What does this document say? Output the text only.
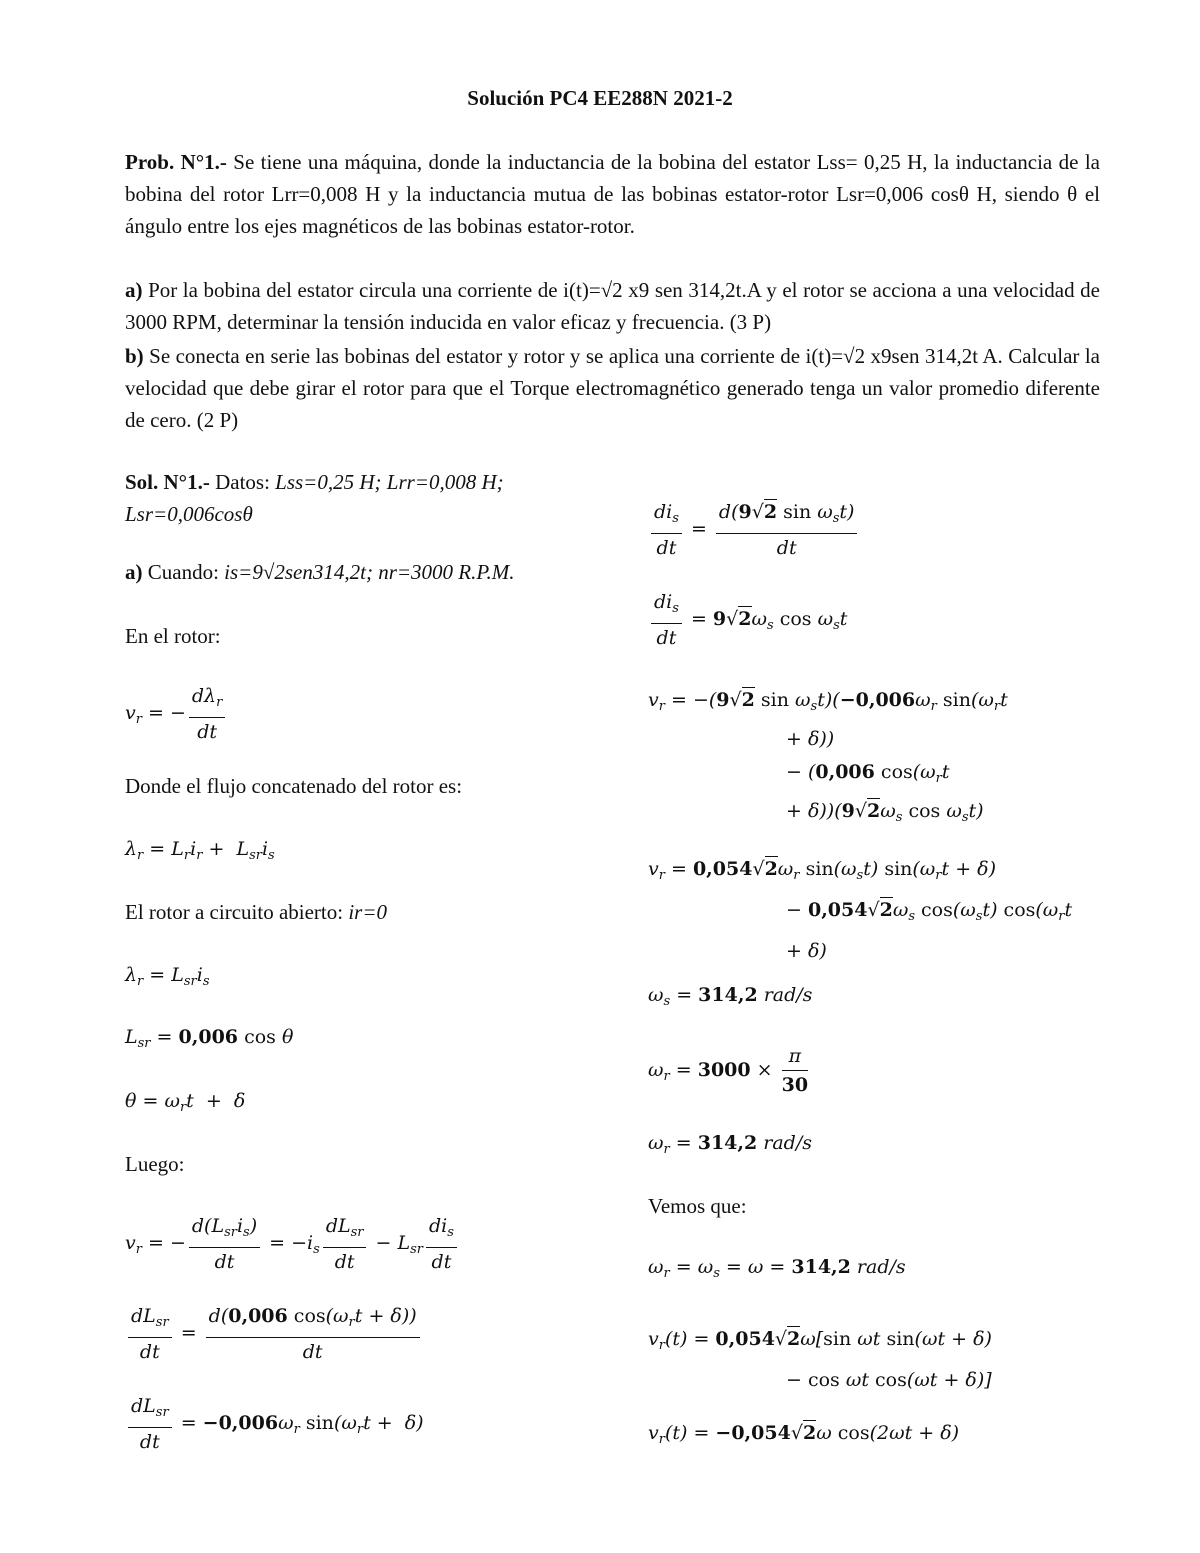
Solución PC4 EE288N 2021-2
Prob. N°1.- Se tiene una máquina, donde la inductancia de la bobina del estator Lss= 0,25 H, la inductancia de la bobina del rotor Lrr=0,008 H y la inductancia mutua de las bobinas estator-rotor Lsr=0,006 cosθ H, siendo θ el ángulo entre los ejes magnéticos de las bobinas estator-rotor.
a) Por la bobina del estator circula una corriente de i(t)=√2 x9 sen 314,2t.A y el rotor se acciona a una velocidad de 3000 RPM, determinar la tensión inducida en valor eficaz y frecuencia. (3 P)
b) Se conecta en serie las bobinas del estator y rotor y se aplica una corriente de i(t)=√2 x9sen 314,2t A. Calcular la velocidad que debe girar el rotor para que el Torque electromagnético generado tenga un valor promedio diferente de cero. (2 P)
Sol. N°1.- Datos: Lss=0,25 H; Lrr=0,008 H;
Lsr=0,006cosθ
a) Cuando: is=9√2sen314,2t; nr=3000 R.P.M.
En el rotor:
$v_r$ = − $\frac{d\lambda_r}{dt}$
Donde el flujo concatenado del rotor es:
$\lambda_r = L_ri_r + L_{sr}i_s$
El rotor a circuito abierto: ir=0
$\lambda_r = L_{sr}i_s$
$L_{sr} = 0,006$ cos θ
$\theta = \omega_rt + \delta$
Luego:
$v_r$ = − $\frac{d(L_{sr}i_s)}{dt} = -i_s \frac{dL_{sr}}{dt} - L_{sr} \frac{di_s}{dt}$
$\frac{dL_{sr}}{dt} = \frac{d(0,006 \cos(\omega_rt + \delta))}{dt}$
$\frac{dL_{sr}}{dt} = -0,006\omega_r$ $\sin(\omega_rt + \delta)$
$\frac{di_s}{dt} = \frac{d(9√2 \sin \omega_st)}{dt}$
$\frac{di_s}{dt} = 9√2\omega_s$ $\cos \omega_st$
$v_r = -(9√2$ $\sin \omega_st)(-0,006\omega_r$ $\sin(\omega_rt$
+ δ))
− (0,006 $\cos(\omega_rt$
+ $\delta))(9√2\omega_s$ $\cos \omega_st$)
$v_r = 0,054√2\omega_r$ $\sin(\omega_st) \sin(\omega_rt + \delta)$
− $0,054√2\omega_s$ $\cos(\omega_st)$ $\cos(\omega_rt$
+ δ)
$\omega_s = 314,2$ rad/s
$\omega_r = 3000 \times \frac{\pi}{30}$
$\omega_r = 314,2$ rad/s
Vemos que:
$\omega_r = \omega_s = \omega = 314,2$ rad/s
$v_r(t) = 0,054√2\omega[\sin$ ωt sin(ωt + δ)
− cos ωt cos(ωt + δ)]
$v_r(t) = -0,054√2\omega$ cos(2ωt + δ)
